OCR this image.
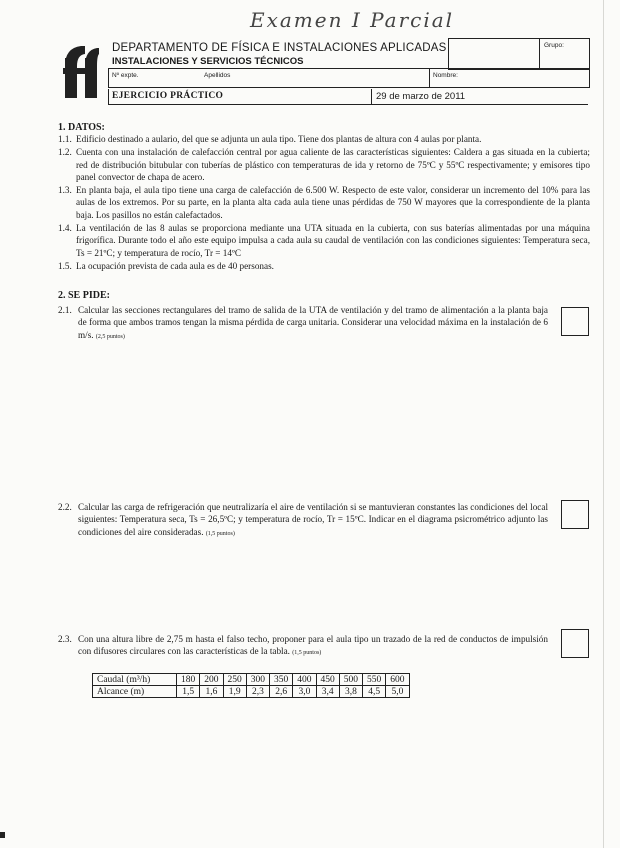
Examen I Parcial
DEPARTAMENTO DE FÍSICA E INSTALACIONES APLICADAS
INSTALACIONES Y SERVICIOS TÉCNICOS
Grupo:
Nº expte.	Apellidos	Nombre:
EJERCICIO PRÁCTICO	29 de marzo de 2011
1. DATOS:
1.1. Edificio destinado a aulario, del que se adjunta un aula tipo. Tiene dos plantas de altura con 4 aulas por planta.
1.2. Cuenta con una instalación de calefacción central por agua caliente de las características siguientes: Caldera a gas situada en la cubierta; red de distribución bitubular con tuberías de plástico con temperaturas de ida y retorno de 75ºC y 55ºC respectivamente; y emisores tipo panel convector de chapa de acero.
1.3. En planta baja, el aula tipo tiene una carga de calefacción de 6.500 W. Respecto de este valor, considerar un incremento del 10% para las aulas de los extremos. Por su parte, en la planta alta cada aula tiene unas pérdidas de 750 W mayores que la correspondiente de la planta baja. Los pasillos no están calefactados.
1.4. La ventilación de las 8 aulas se proporciona mediante una UTA situada en la cubierta, con sus baterías alimentadas por una máquina frigorífica. Durante todo el año este equipo impulsa a cada aula su caudal de ventilación con las condiciones siguientes: Temperatura seca, Ts = 21ºC; y temperatura de rocío, Tr = 14ºC
1.5. La ocupación prevista de cada aula es de 40 personas.
2. SE PIDE:
2.1. Calcular las secciones rectangulares del tramo de salida de la UTA de ventilación y del tramo de alimentación a la planta baja de forma que ambos tramos tengan la misma pérdida de carga unitaria. Considerar una velocidad máxima en la instalación de 6 m/s. (2,5 puntos)
2.2. Calcular las carga de refrigeración que neutralizaría el aire de ventilación si se mantuvieran constantes las condiciones del local siguientes: Temperatura seca, Ts = 26,5ºC; y temperatura de rocío, Tr = 15ºC. Indicar en el diagrama psicrométrico adjunto las condiciones del aire consideradas. (1,5 puntos)
2.3. Con una altura libre de 2,75 m hasta el falso techo, proponer para el aula tipo un trazado de la red de conductos de impulsión con difusores circulares con las características de la tabla. (1,5 puntos)
Caudal (m³/h)	180	200	250	300	350	400	450	500	550	600
Alcance (m)	1,5	1,6	1,9	2,3	2,6	3,0	3,4	3,8	4,5	5,0
